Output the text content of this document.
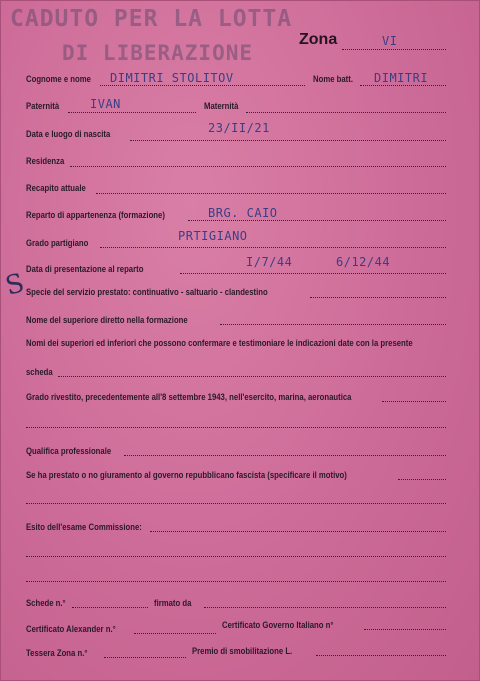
CADUTO PER LA LOTTA
DI LIBERAZIONE
Zona	VI
Cognome e nome DIMITRI STOLITOV	Nome batt. DIMITRI
Paternità	IVAN	Maternità
Data e luogo di nascita	23/II/21
Residenza
Recapito attuale
Reparto di appartenenza (formazione)	BRG. CAIO
Grado partigiano	PRTIGIANO
S
Data di presentazione al reparto	I/7/44	6/12/44
Specie del servizio prestato: continuativo - saltuario - clandestino
Nome del superiore diretto nella formazione
Nomi dei superiori ed inferiori che possono confermare e testimoniare le indicazioni date con la presente
scheda
Grado rivestito, precedentemente all'8 settembre 1943, nell'esercito, marina, aeronautica
Qualifica professionale
Se ha prestato o no giuramento al governo repubblicano fascista (specificare il motivo)
Esito dell'esame Commissione:
Schede n.°	firmato da
Certificato Alexander n.°	Certificato Governo Italiano n°
Tessera Zona n.°	Premio di smobilitazione L.
